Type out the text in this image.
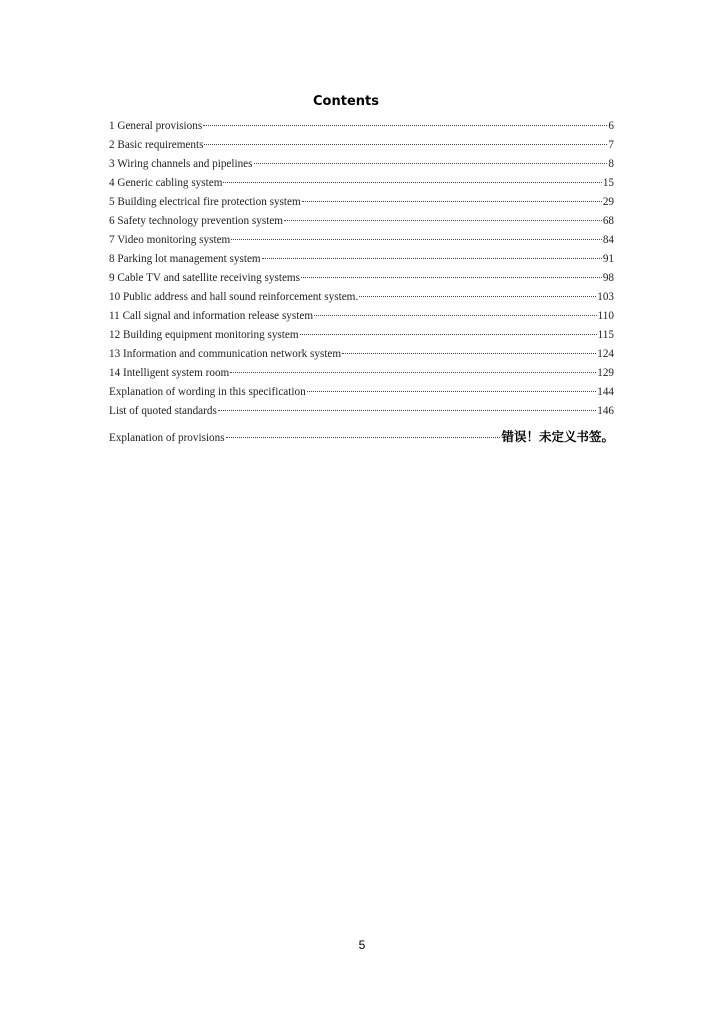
Contents
1 General provisions	6
2 Basic requirements	7
3 Wiring channels and pipelines	8
4 Generic cabling system	15
5 Building electrical fire protection system	29
6 Safety technology prevention system	68
7 Video monitoring system	84
8 Parking lot management system	91
9 Cable TV and satellite receiving systems	98
10 Public address and hall sound reinforcement system.	103
11 Call signal and information release system	110
12 Building equipment monitoring system	115
13 Information and communication network system	124
14 Intelligent system room	129
Explanation of wording in this specification	144
List of quoted standards	146
Explanation of provisions	错误！未定义书签。
5
